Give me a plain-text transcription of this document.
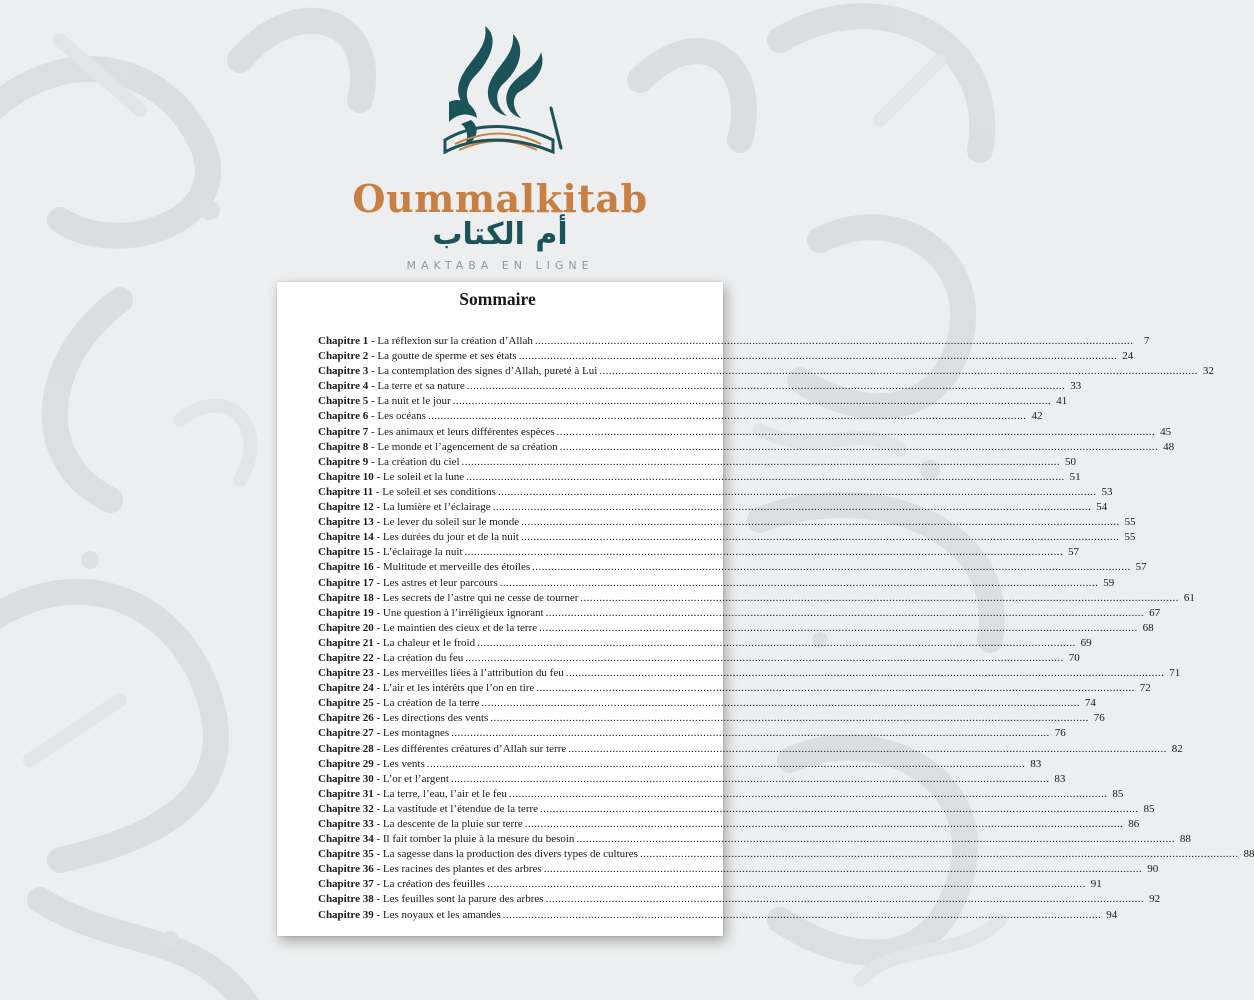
Oummalkitab
أم الكتاب
MAKTABA EN LIGNE
Sommaire
Chapitre 1 - La réflexion sur la création d’Allah .....	7
Chapitre 2 - La goutte de sperme et ses états .....	24
Chapitre 3 - La contemplation des signes d’Allah, pureté à Lui .....	32
Chapitre 4 - La terre et sa nature .....	33
Chapitre 5 - La nuit et le jour .....	41
Chapitre 6 - Les océans .....	42
Chapitre 7 - Les animaux et leurs différentes espèces .....	45
Chapitre 8 - Le monde et l’agencement de sa création .....	48
Chapitre 9 - La création du ciel .....	50
Chapitre 10 - Le soleil et la lune .....	51
Chapitre 11 - Le soleil et ses conditions .....	53
Chapitre 12 - La lumière et l’éclairage .....	54
Chapitre 13 - Le lever du soleil sur le monde .....	55
Chapitre 14 - Les durées du jour et de la nuit .....	55
Chapitre 15 - L’éclairage la nuit .....	57
Chapitre 16 - Multitude et merveille des étoiles .....	57
Chapitre 17 - Les astres et leur parcours .....	59
Chapitre 18 - Les secrets de l’astre qui ne cesse de tourner .....	61
Chapitre 19 - Une question à l’irréligieux ignorant .....	67
Chapitre 20 - Le maintien des cieux et de la terre .....	68
Chapitre 21 - La chaleur et le froid .....	69
Chapitre 22 - La création du feu .....	70
Chapitre 23 - Les merveilles liées à l’attribution du feu .....	71
Chapitre 24 - L’air et les intérêts que l’on en tire .....	72
Chapitre 25 - La création de la terre .....	74
Chapitre 26 - Les directions des vents .....	76
Chapitre 27 - Les montagnes .....	76
Chapitre 28 - Les différentes créatures d’Allah sur terre .....	82
Chapitre 29 - Les vents .....	83
Chapitre 30 - L’or et l’argent .....	83
Chapitre 31 - La terre, l’eau, l’air et le feu .....	85
Chapitre 32 - La vastitude et l’étendue de la terre .....	85
Chapitre 33 - La descente de la pluie sur terre .....	86
Chapitre 34 - Il fait tomber la pluie à la mesure du besoin .....	88
Chapitre 35 - La sagesse dans la production des divers types de cultures .....	88
Chapitre 36 - Les racines des plantes et des arbres .....	90
Chapitre 37 - La création des feuilles .....	91
Chapitre 38 - Les feuilles sont la parure des arbres .....	92
Chapitre 39 - Les noyaux et les amandes .....	94
